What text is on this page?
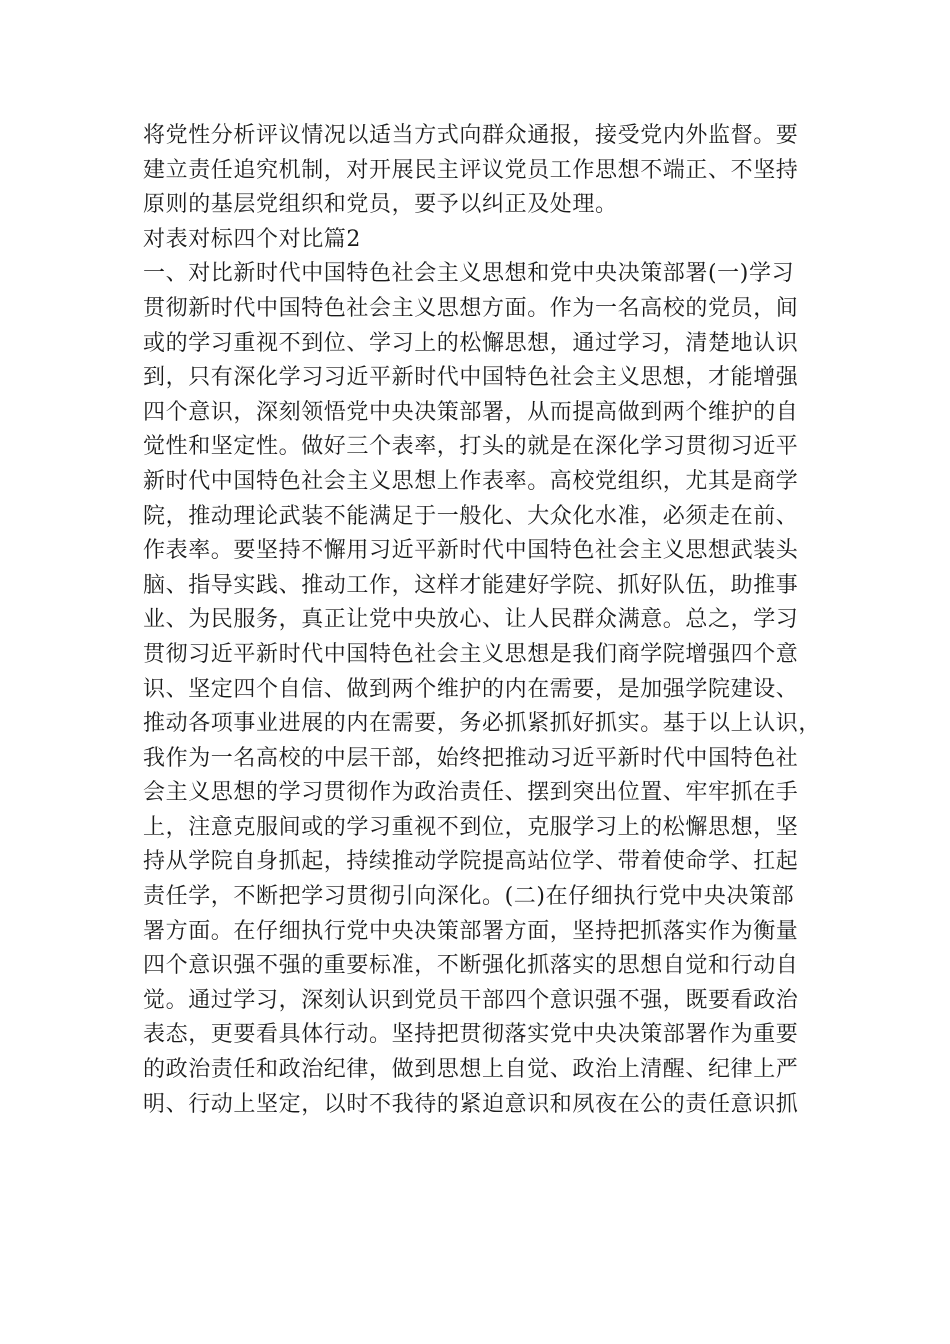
将党性分析评议情况以适当方式向群众通报，接受党内外监督。要
建立责任追究机制，对开展民主评议党员工作思想不端正、不坚持
原则的基层党组织和党员，要予以纠正及处理。
对表对标四个对比篇2
一、对比新时代中国特色社会主义思想和党中央决策部署(一)学习
贯彻新时代中国特色社会主义思想方面。作为一名高校的党员，间
或的学习重视不到位、学习上的松懈思想，通过学习，清楚地认识
到，只有深化学习习近平新时代中国特色社会主义思想，才能增强
四个意识，深刻领悟党中央决策部署，从而提高做到两个维护的自
觉性和坚定性。做好三个表率，打头的就是在深化学习贯彻习近平
新时代中国特色社会主义思想上作表率。高校党组织，尤其是商学
院，推动理论武装不能满足于一般化、大众化水准，必须走在前、
作表率。要坚持不懈用习近平新时代中国特色社会主义思想武装头
脑、指导实践、推动工作，这样才能建好学院、抓好队伍，助推事
业、为民服务，真正让党中央放心、让人民群众满意。总之，学习
贯彻习近平新时代中国特色社会主义思想是我们商学院增强四个意
识、坚定四个自信、做到两个维护的内在需要，是加强学院建设、
推动各项事业进展的内在需要，务必抓紧抓好抓实。基于以上认识，
我作为一名高校的中层干部，始终把推动习近平新时代中国特色社
会主义思想的学习贯彻作为政治责任、摆到突出位置、牢牢抓在手
上，注意克服间或的学习重视不到位，克服学习上的松懈思想，坚
持从学院自身抓起，持续推动学院提高站位学、带着使命学、扛起
责任学，不断把学习贯彻引向深化。(二)在仔细执行党中央决策部
署方面。在仔细执行党中央决策部署方面，坚持把抓落实作为衡量
四个意识强不强的重要标准，不断强化抓落实的思想自觉和行动自
觉。通过学习，深刻认识到党员干部四个意识强不强，既要看政治
表态，更要看具体行动。坚持把贯彻落实党中央决策部署作为重要
的政治责任和政治纪律，做到思想上自觉、政治上清醒、纪律上严
明、行动上坚定，以时不我待的紧迫意识和夙夜在公的责任意识抓
